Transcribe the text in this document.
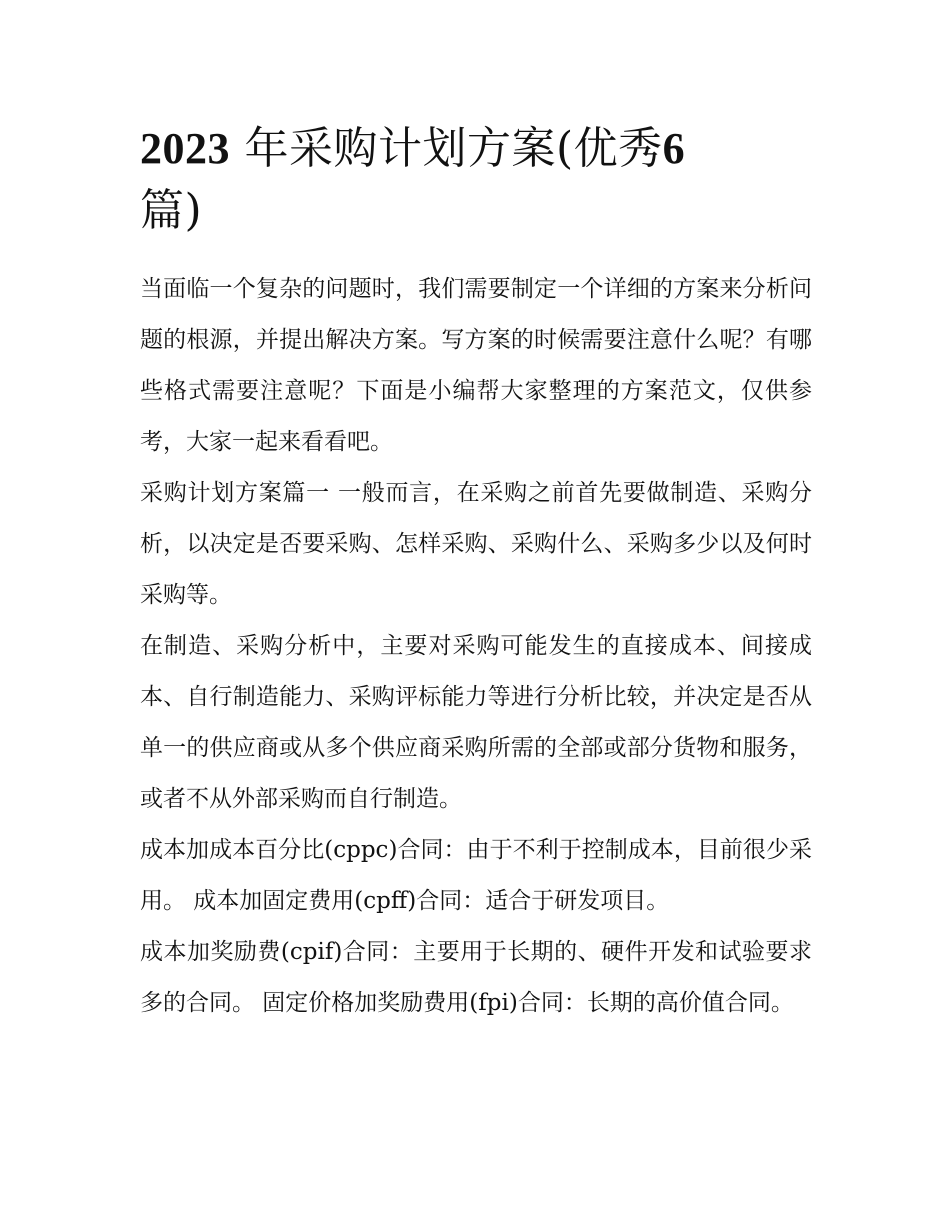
2023 年采购计划方案(优秀6
篇)

当面临一个复杂的问题时，我们需要制定一个详细的方案来分析问题的根源，并提出解决方案。写方案的时候需要注意什么呢？有哪些格式需要注意呢？下面是小编帮大家整理的方案范文，仅供参考，大家一起来看看吧。

采购计划方案篇一 一般而言，在采购之前首先要做制造、采购分析，以决定是否要采购、怎样采购、采购什么、采购多少以及何时采购等。

在制造、采购分析中，主要对采购可能发生的直接成本、间接成本、自行制造能力、采购评标能力等进行分析比较，并决定是否从单一的供应商或从多个供应商采购所需的全部或部分货物和服务，或者不从外部采购而自行制造。

成本加成本百分比(cppc)合同：由于不利于控制成本，目前很少采用。 成本加固定费用(cpff)合同：适合于研发项目。

成本加奖励费(cpif)合同：主要用于长期的、硬件开发和试验要求多的合同。 固定价格加奖励费用(fpi)合同：长期的高价值合同。
